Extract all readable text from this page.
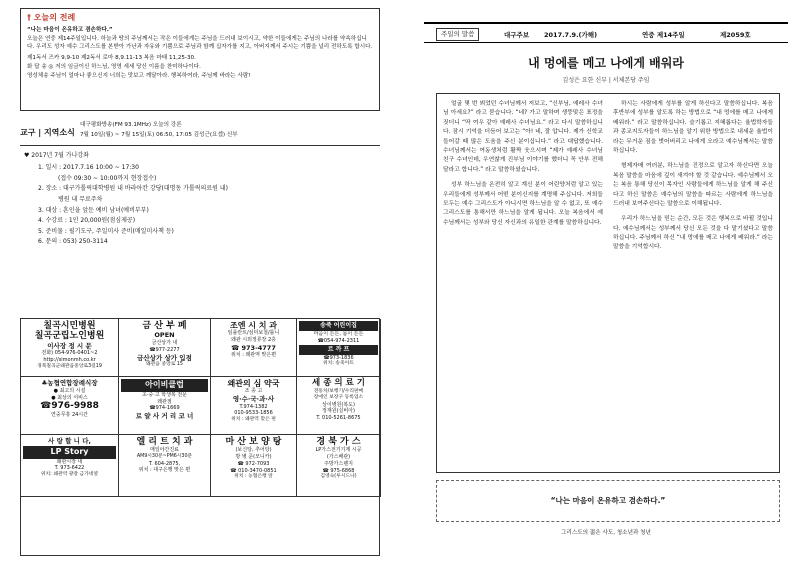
† 오늘의 전례

“나는 마음이 온유하고 겸손하다.”

오늘은 연중 제14주일입니다. 하늘과 땅의 주님께서는 작은 이들에게는 주님을 드러내 보이시고, 약한 이들에게는 주님의 나라를 약속하십니다. 우리도 성자 예수 그리스도를 본받아 가난과 자유와 기쁨으로 주님과 함께 십자가를 지고, 아버지께서 주시는 기쁨을 널리 전하도록 합시다.

제1독서 즈카 9,9-10 제2독서 로마 8,9.11-13 복음 마태 11,25-30.
화 답 송 ◎ 저의 임금이신 하느님, 영영 세세 당신 이름을 찬미하나이다.
영성체송 주님이 얼마나 좋으신지 너희는 맛보고 깨달아라. 행복하여라, 주님께 바라는 사람!
교구 | 지역소식
대구평화방송(FM 93.1MHz) 오늘의 강론
7월 10일(월) ~ 7월 15일(토) 06:50, 17:05 김성근(요셉) 신부
♥ 2017년 7월 가나강좌
1. 일시 : 2017.7.16 10:00 ~ 17:30
(접수 09:30 ~ 10:00까지 현장접수)
2. 장소 : 대구가톨릭대학병원 내 바라아칸 강당(대명동 가톨릭의료원 내)
병원 내 무료주차
3. 대상 : 혼인을 앞둔 예비 남녀(예비부부)
4. 수강료 : 1인 20,000원(점심제공)
5. 준비물 : 필기도구, 주일미사 준비(매일미사책 등)
6. 문의 : 053) 250-3114
칠곡시민병원
칠곡군립노인병원
이사장 정 시 문
전화) 054-976-0401~2
http://simonmh.co.kr
경북칠곡군왜관읍중앙로3길19
금 산 부 페
OPEN
금산상가 내
☎977-2277
금산상가 상가 입점
왜관읍 중앙로 15
조엔 시 치 과
임플란트/심미보철/틀니
왜관 시외정류장 2층
☎ 973-4777
위치 : 왜관역 맞은편
송죽 어린이집
마음이 튼튼, 몸이 튼튼
☎054-974-2311
르 까 프
☎973-1836
위치: 송죽아트
♣농협연합장례식장
● 최고의 시설
● 최상의 서비스
☎976-9988
연중무휴 24시간
아이비클럽
초·중·고 학생복 전문
왜관점
☎974-1669
로 얄 사 거 리 코 너
왜관의 심 약국
조 종 고
영·수·국·과·사
T.974-1382
010-9533-1856
위치 : 왜관역 맞은 편
세 종 의 료 기
전동차/보행기/수리판매
장애인 보장구 등록업소
상이병원(복도)
정재원(실비아)
T. 010-5261-8675
사 랑 할 니 다,
LP Story
왜관시장 내
T. 973-6422
위치: 왜관역 광장 금가네옆
엘 리 트 치 과
매일야간진료
AM9시30분~PM6시30분
T. 604-2875,
위치 : 대구은행 맞은 편
마 산 보 양 탕
(보신탕, 추어탕)
방 병 준(모니카)
☎ 972-7093
☎ 010-3470-0851
위치 : 농협은행 앞
경 북 가 스
LP가스전기기계 시공
(가스배관)
주방가스렌지
☎ 975-6868
김영숙(루시드나)
주일의 말씀	대구주보 2017.7.9.(가해)	연중 제14주일	제2059호
내 멍에를 메고 나에게 배워라
김성은 요한 신부 | 서체본당 주임

얼굴 몇 번 뵈었던 수녀님께서 저보고, “신부님, 예레사 수녀님 아세요?” 라고 묻습니다. “네? 가고 말하며 생뚱맞은 표정을 짓더니 “딱 여우 같아 예레사 수녀님요.” 라고 다시 말씀하십니다. 잠시 기억을 더듬어 보고는 “아! 네, 잘 압니다. 제가 신학교 들어갈 때 많은 도움을 주신 분이십니다.” 라고 대답했습니다. 수녀님께서는 여동생처럼 활짝 웃으시며 “제가 예레사 수녀님 친구 수녀인데, 우연찮게 진부님 이야기를 했더니 꼭 안부 전해달라고 합니다.” 라고 말씀하셨습니다.

성부 하느님을 온전히 알고 계신 분이 어린양처럼 알고 있는 우리들에게 성부께서 어떤 분이신지를 계명해 주십니다. 저희들 모두는 예수 그리스도가 아니시면 하느님을 알 수 없고, 또 예수 그리스도를 통해서만 하느님을 알게 됩니다. 오늘 복음에서 예수님께서는 성부와 당신 자신과의 유일한 관계를 말씀하십니다.

하시는 사람에게 성부를 알게 하신다고 말씀하십니다. 복음 후반부에 성부를 알도록 하는 방법으로 “내 멍에를 메고 나에게 배워라.” 라고 말씀하십니다. 슬기롭고 지혜롭다는 율법학자들과 종교지도자들이 하느님을 알기 위한 방법으로 내세운 율법이라는 무거운 짐을 벗어버리고 나에게 오라고 예수님께서는 말씀하십니다.

형제자매 여러분, 하느님을 진정으로 알고자 하신다면 오늘 복음 말씀을 마음에 깊이 새겨야 할 것 같습니다. 예수님께서 오는 복음 통해 당신이 목자인 사람들에게 하느님을 알게 해 주신다고 하신 말씀은 예수님의 말씀을 따르는 사람에게 하느님을 드러내 보여주신다는 말씀으로 이해됩니다.

우리가 하느님을 믿는 순간, 모든 것은 행복으로 바뀔 것입니다. 예수님께서는 성부께서 당신 모든 것을 다 맡기셨다고 말씀하십니다. 주님께서 하신 “내 멍에를 메고 나에게 배워라.” 라는 말씀을 기억합시다.

“나는 마음이 온유하고 겸손하다.”
그리스도의 젊은 사도, 청소년과 청년
